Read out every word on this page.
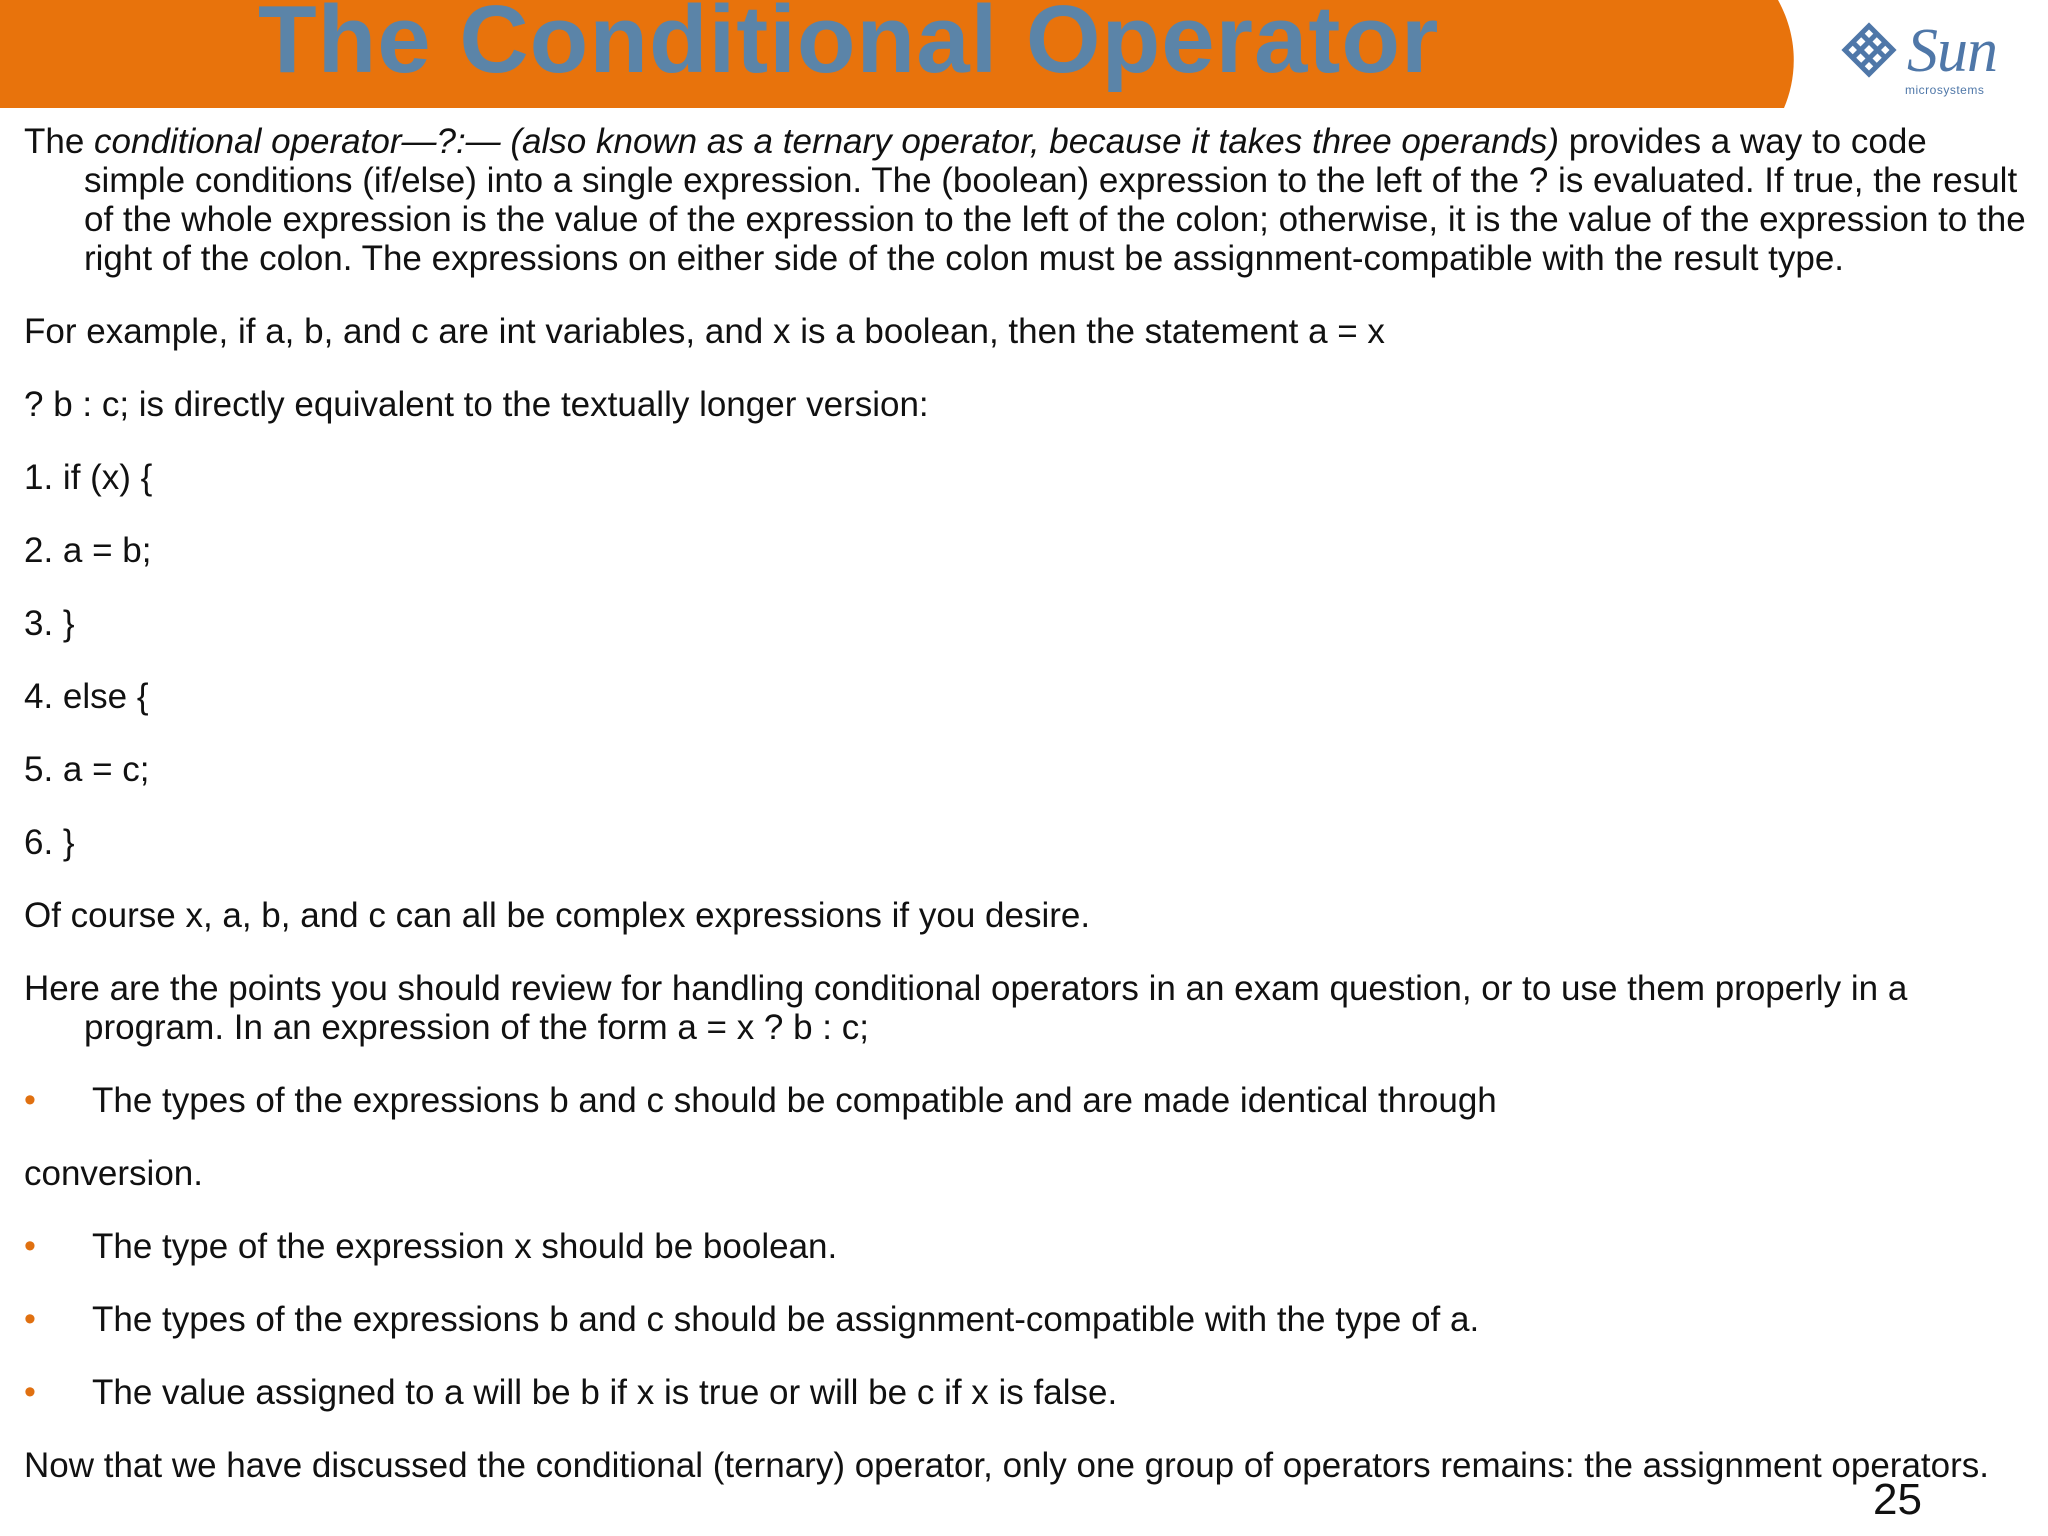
The Conditional Operator	Sun
microsystems

The conditional operator—?:— (also known as a ternary operator, because it takes three operands) provides a way to code simple conditions (if/else) into a single expression. The (boolean) expression to the left of the ? is evaluated. If true, the result of the whole expression is the value of the expression to the left of the colon; otherwise, it is the value of the expression to the right of the colon. The expressions on either side of the colon must be assignment-compatible with the result type.

For example, if a, b, and c are int variables, and x is a boolean, then the statement a = x

? b : c; is directly equivalent to the textually longer version:

1. if (x) {

2. a = b;

3. }

4. else {

5. a = c;

6. }

Of course x, a, b, and c can all be complex expressions if you desire.

Here are the points you should review for handling conditional operators in an exam question, or to use them properly in a program. In an expression of the form a = x ? b : c;

• The types of the expressions b and c should be compatible and are made identical through

conversion.

• The type of the expression x should be boolean.

• The types of the expressions b and c should be assignment-compatible with the type of a.

• The value assigned to a will be b if x is true or will be c if x is false.

Now that we have discussed the conditional (ternary) operator, only one group of operators remains: the assignment operators.

25
